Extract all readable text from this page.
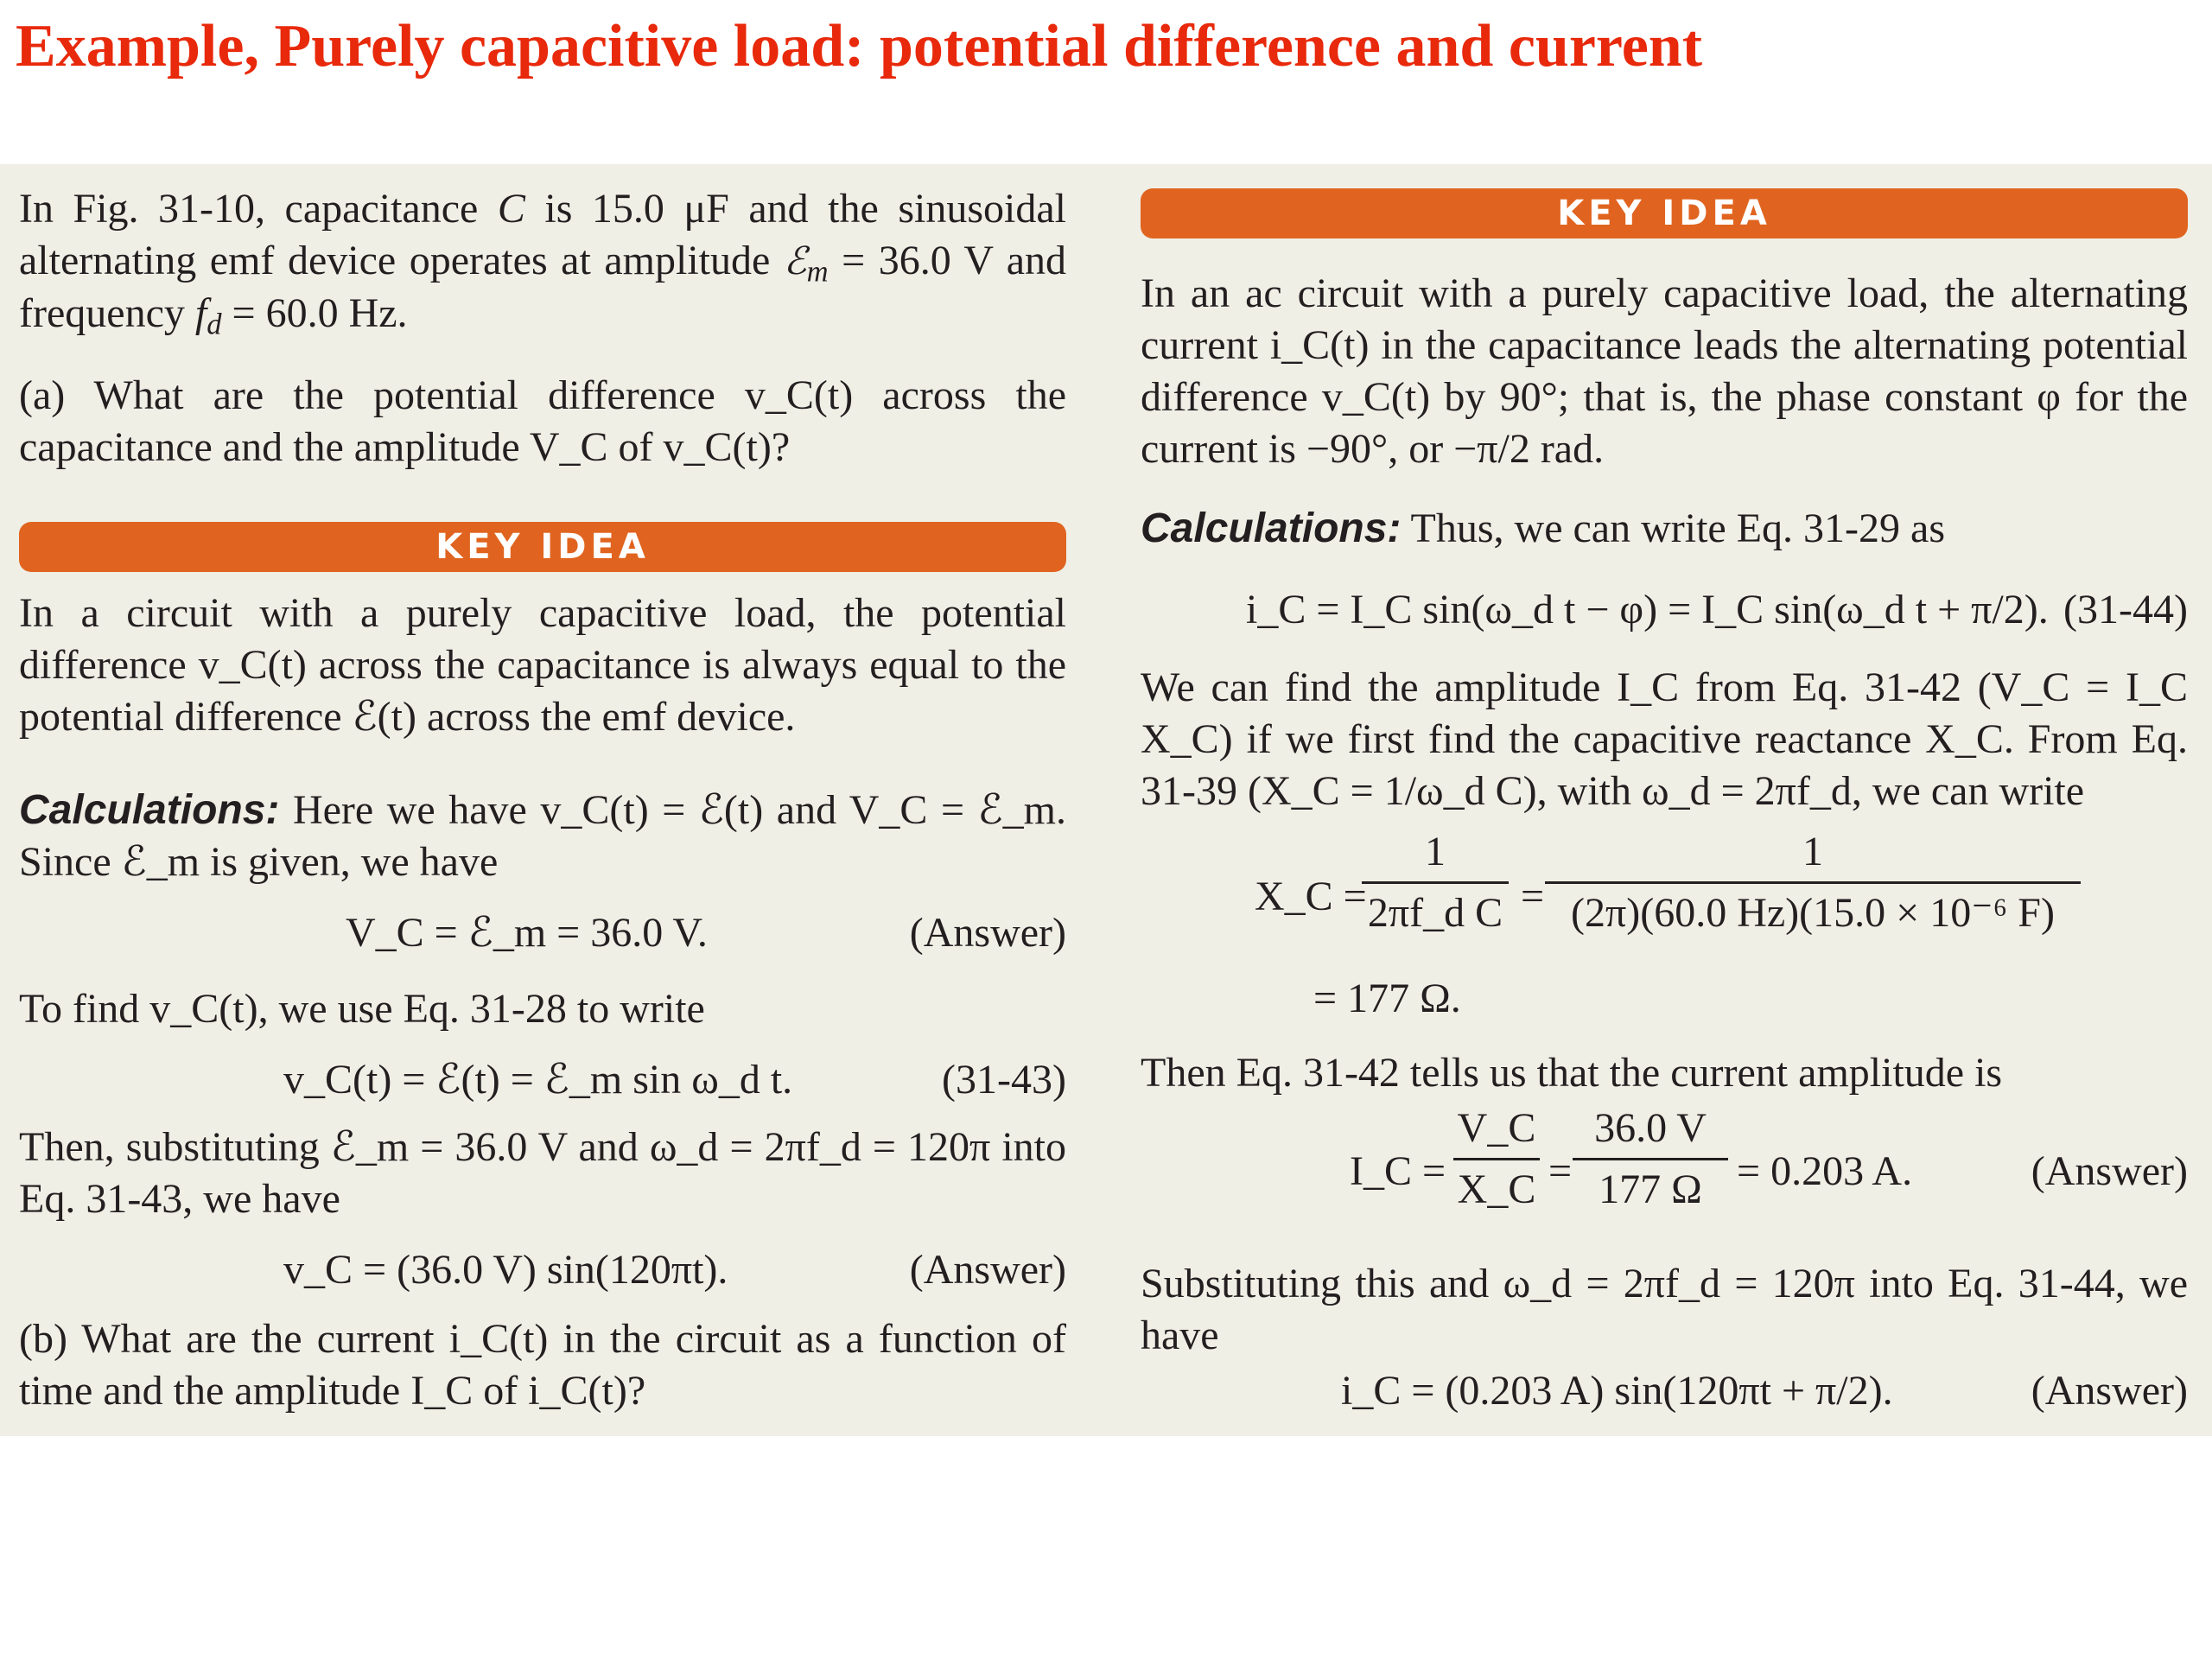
Example, Purely capacitive load: potential difference and current
In Fig. 31-10, capacitance C is 15.0 μF and the sinusoidal alternating emf device operates at amplitude ℰ$_m$ = 36.0 V and frequency $f_d = 60.0$ Hz.
(a) What are the potential difference v_C(t) across the capacitance and the amplitude V_C of v_C(t)?
KEY IDEA
In a circuit with a purely capacitive load, the potential difference v_C(t) across the capacitance is always equal to the potential difference ℰ(t) across the emf device.
Calculations: Here we have v_C(t) = ℰ(t) and V_C = ℰ_m. Since ℰ_m is given, we have
V_C = ℰ_m = 36.0 V.	(Answer)
To find v_C(t), we use Eq. 31-28 to write
v_C(t) = ℰ(t) = ℰ_m sin ω_d t.	(31-43)
Then, substituting ℰ_m = 36.0 V and ω_d = 2πf_d = 120π into Eq. 31-43, we have
v_C = (36.0 V) sin(120πt).	(Answer)
(b) What are the current i_C(t) in the circuit as a function of time and the amplitude I_C of i_C(t)?
KEY IDEA
In an ac circuit with a purely capacitive load, the alternating current i_C(t) in the capacitance leads the alternating potential difference v_C(t) by 90°; that is, the phase constant φ for the current is −90°, or −π/2 rad.
Calculations: Thus, we can write Eq. 31-29 as
i_C = I_C sin(ω_d t − φ) = I_C sin(ω_d t + π/2). (31-44)
We can find the amplitude I_C from Eq. 31-42 (V_C = I_C X_C) if we first find the capacitive reactance X_C. From Eq. 31-39 (X_C = 1/ω_d C), with ω_d = 2πf_d, we can write
X_C =
1
2πf_d C =
1
(2π)(60.0 Hz)(15.0 × 10⁻⁶ F)
= 177 Ω.
Then Eq. 31-42 tells us that the current amplitude is
I_C =
V_C
X_C =
36.0 V
177 Ω = 0.203 A.	(Answer)
Substituting this and ω_d = 2πf_d = 120π into Eq. 31-44, we have
i_C = (0.203 A) sin(120πt + π/2).	(Answer)
